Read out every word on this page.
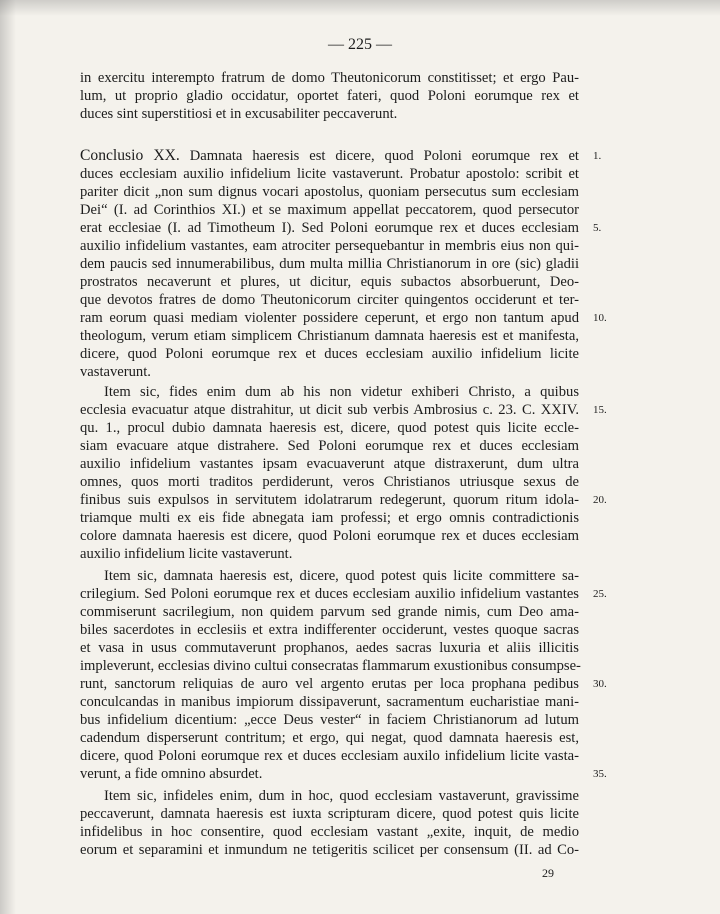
— 225 —
in exercitu interempto fratrum de domo Theutonicorum constitisset; et ergo Pau-
lum, ut proprio gladio occidatur, oportet fateri, quod Poloni eorumque rex et
duces sint superstitiosi et in excusabiliter peccaverunt.
Conclusio XX. Damnata haeresis est dicere, quod Poloni eorumque rex et
duces ecclesiam auxilio infidelium licite vastaverunt. Probatur apostolo: scribit et
pariter dicit „non sum dignus vocari apostolus, quoniam persecutus sum ecclesiam
Dei“ (I. ad Corinthios XI.) et se maximum appellat peccatorem, quod persecutor
erat ecclesiae (I. ad Timotheum I). Sed Poloni eorumque rex et duces ecclesiam
auxilio infidelium vastantes, eam atrociter persequebantur in membris eius non qui-
dem paucis sed innumerabilibus, dum multa millia Christianorum in ore (sic) gladii
prostratos necaverunt et plures, ut dicitur, equis subactos absorbuerunt, Deo-
que devotos fratres de domo Theutonicorum circiter quingentos occiderunt et ter-
ram eorum quasi mediam violenter possidere ceperunt, et ergo non tantum apud
theologum, verum etiam simplicem Christianum damnata haeresis est et manifesta,
dicere, quod Poloni eorumque rex et duces ecclesiam auxilio infidelium licite
vastaverunt.
Item sic, fides enim dum ab his non videtur exhiberi Christo, a quibus
ecclesia evacuatur atque distrahitur, ut dicit sub verbis Ambrosius c. 23. C. XXIV.
qu. 1., procul dubio damnata haeresis est, dicere, quod potest quis licite eccle-
siam evacuare atque distrahere. Sed Poloni eorumque rex et duces ecclesiam
auxilio infidelium vastantes ipsam evacuaverunt atque distraxerunt, dum ultra
omnes, quos morti traditos perdiderunt, veros Christianos utriusque sexus de
finibus suis expulsos in servitutem idolatrarum redegerunt, quorum ritum idola-
triamque multi ex eis fide abnegata iam professi; et ergo omnis contradictionis
colore damnata haeresis est dicere, quod Poloni eorumque rex et duces ecclesiam
auxilio infidelium licite vastaverunt.
Item sic, damnata haeresis est, dicere, quod potest quis licite committere sa-
crilegium. Sed Poloni eorumque rex et duces ecclesiam auxilio infidelium vastantes
commiserunt sacrilegium, non quidem parvum sed grande nimis, cum Deo ama-
biles sacerdotes in ecclesiis et extra indifferenter occiderunt, vestes quoque sacras
et vasa in usus commutaverunt prophanos, aedes sacras luxuria et aliis illicitis
impleverunt, ecclesias divino cultui consecratas flammarum exustionibus consumpse-
runt, sanctorum reliquias de auro vel argento erutas per loca prophana pedibus
conculcandas in manibus impiorum dissipaverunt, sacramentum eucharistiae mani-
bus infidelium dicentium: „ecce Deus vester“ in faciem Christianorum ad lutum
cadendum disperserunt contritum; et ergo, qui negat, quod damnata haeresis est,
dicere, quod Poloni eorumque rex et duces ecclesiam auxilo infidelium licite vasta-
verunt, a fide omnino absurdet.
Item sic, infideles enim, dum in hoc, quod ecclesiam vastaverunt, gravissime
peccaverunt, damnata haeresis est iuxta scripturam dicere, quod potest quis licite
infidelibus in hoc consentire, quod ecclesiam vastant „exite, inquit, de medio
eorum et separamini et inmundum ne tetigeritis scilicet per consensum (II. ad Co-
1.
5.
10.
15.
20.
25.
30.
35.
29
